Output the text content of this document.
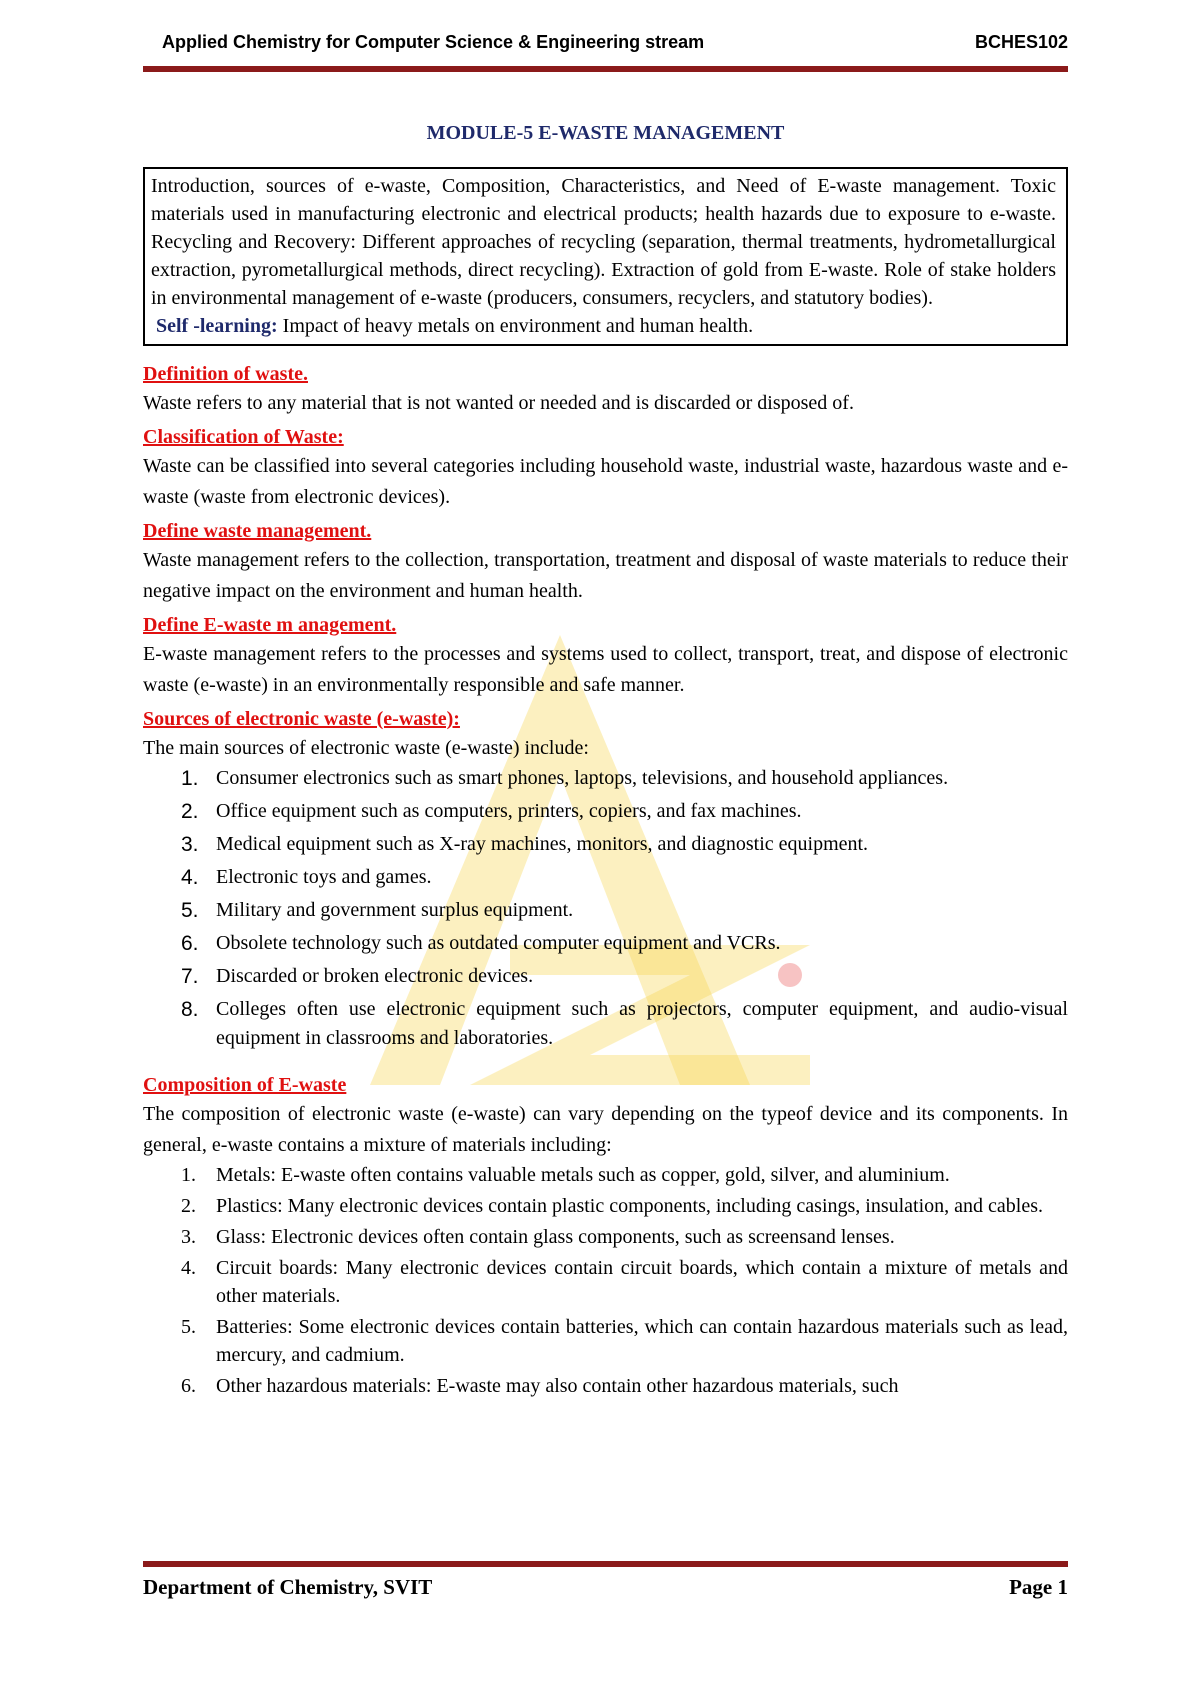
Applied Chemistry for Computer Science & Engineering stream	BCHES102
MODULE-5 E-WASTE MANAGEMENT
Introduction, sources of e-waste, Composition, Characteristics, and Need of E-waste management. Toxic materials used in manufacturing electronic and electrical products; health hazards due to exposure to e-waste. Recycling and Recovery: Different approaches of recycling (separation, thermal treatments, hydrometallurgical extraction, pyrometallurgical methods, direct recycling). Extraction of gold from E-waste. Role of stake holders in environmental management of e-waste (producers, consumers, recyclers, and statutory bodies).
Self -learning: Impact of heavy metals on environment and human health.
Definition of waste.
Waste refers to any material that is not wanted or needed and is discarded or disposed of.
Classification of Waste:
Waste can be classified into several categories including household waste, industrial waste, hazardous waste and e-waste (waste from electronic devices).
Define waste management.
Waste management refers to the collection, transportation, treatment and disposal of waste materials to reduce their negative impact on the environment and human health.
Define E-waste m anagement.
E-waste management refers to the processes and systems used to collect, transport, treat, and dispose of electronic waste (e-waste) in an environmentally responsible and safe manner.
Sources of electronic waste (e-waste):
The main sources of electronic waste (e-waste) include:
1. Consumer electronics such as smart phones, laptops, televisions, and household appliances.
2. Office equipment such as computers, printers, copiers, and fax machines.
3. Medical equipment such as X-ray machines, monitors, and diagnostic equipment.
4. Electronic toys and games.
5. Military and government surplus equipment.
6. Obsolete technology such as outdated computer equipment and VCRs.
7. Discarded or broken electronic devices.
8. Colleges often use electronic equipment such as projectors, computer equipment, and audio-visual equipment in classrooms and laboratories.
Composition of E-waste
The composition of electronic waste (e-waste) can vary depending on the typeof device and its components. In general, e-waste contains a mixture of materials including:
1. Metals: E-waste often contains valuable metals such as copper, gold, silver, and aluminium.
2. Plastics: Many electronic devices contain plastic components, including casings, insulation, and cables.
3. Glass: Electronic devices often contain glass components, such as screensand lenses.
4. Circuit boards: Many electronic devices contain circuit boards, which contain a mixture of metals and other materials.
5. Batteries: Some electronic devices contain batteries, which can contain hazardous materials such as lead, mercury, and cadmium.
6. Other hazardous materials: E-waste may also contain other hazardous materials, such
Department of Chemistry, SVIT	Page 1
